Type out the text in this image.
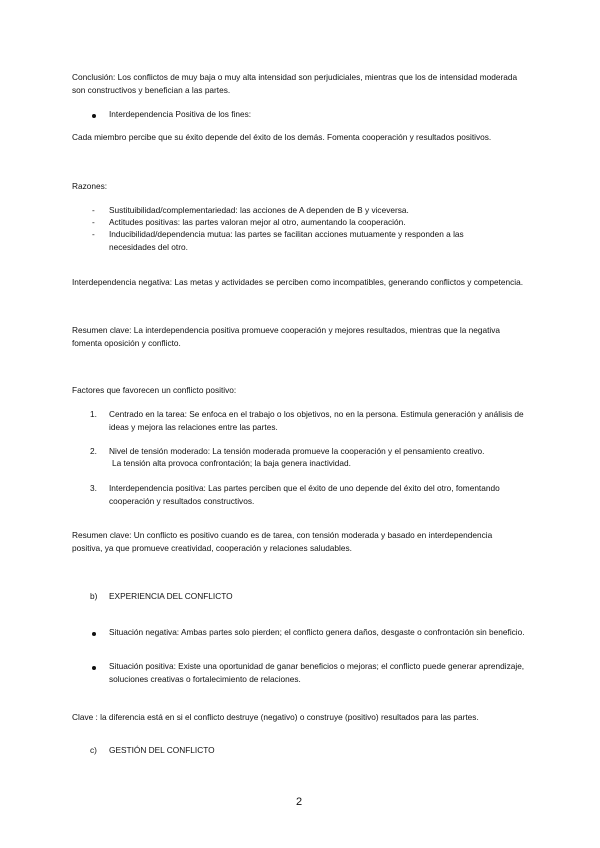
Conclusión: Los conflictos de muy baja o muy alta intensidad son perjudiciales, mientras que los de intensidad moderada son constructivos y benefician a las partes.

Interdependencia Positiva de los fines:

Cada miembro percibe que su éxito depende del éxito de los demás. Fomenta cooperación y resultados positivos.

Razones:
- Sustituibilidad/complementariedad: las acciones de A dependen de B y viceversa.

- Actitudes positivas: las partes valoran mejor al otro, aumentando la cooperación.

- Inducibilidad/dependencia mutua: las partes se facilitan acciones mutuamente y responden a las necesidades del otro.

Interdependencia negativa: Las metas y actividades se perciben como incompatibles, generando conflictos y competencia.

Resumen clave: La interdependencia positiva promueve cooperación y mejores resultados, mientras que la negativa fomenta oposición y conflicto.

Factores que favorecen un conflicto positivo:
1. Centrado en la tarea: Se enfoca en el trabajo o los objetivos, no en la persona. Estimula generación y análisis de ideas y mejora las relaciones entre las partes.

2. Nivel de tensión moderado: La tensión moderada promueve la cooperación y el pensamiento creativo.

La tensión alta provoca confrontación; la baja genera inactividad.

3. Interdependencia positiva: Las partes perciben que el éxito de uno depende del éxito del otro, fomentando cooperación y resultados constructivos.

Resumen clave: Un conflicto es positivo cuando es de tarea, con tensión moderada y basado en interdependencia positiva, ya que promueve creatividad, cooperación y relaciones saludables.

b) EXPERIENCIA DEL CONFLICTO

Situación negativa: Ambas partes solo pierden; el conflicto genera daños, desgaste o confrontación sin beneficio.

Situación positiva: Existe una oportunidad de ganar beneficios o mejoras; el conflicto puede generar aprendizaje, soluciones creativas o fortalecimiento de relaciones.

Clave : la diferencia está en si el conflicto destruye (negativo) o construye (positivo) resultados para las partes.

c) GESTIÓN DEL CONFLICTO
2
